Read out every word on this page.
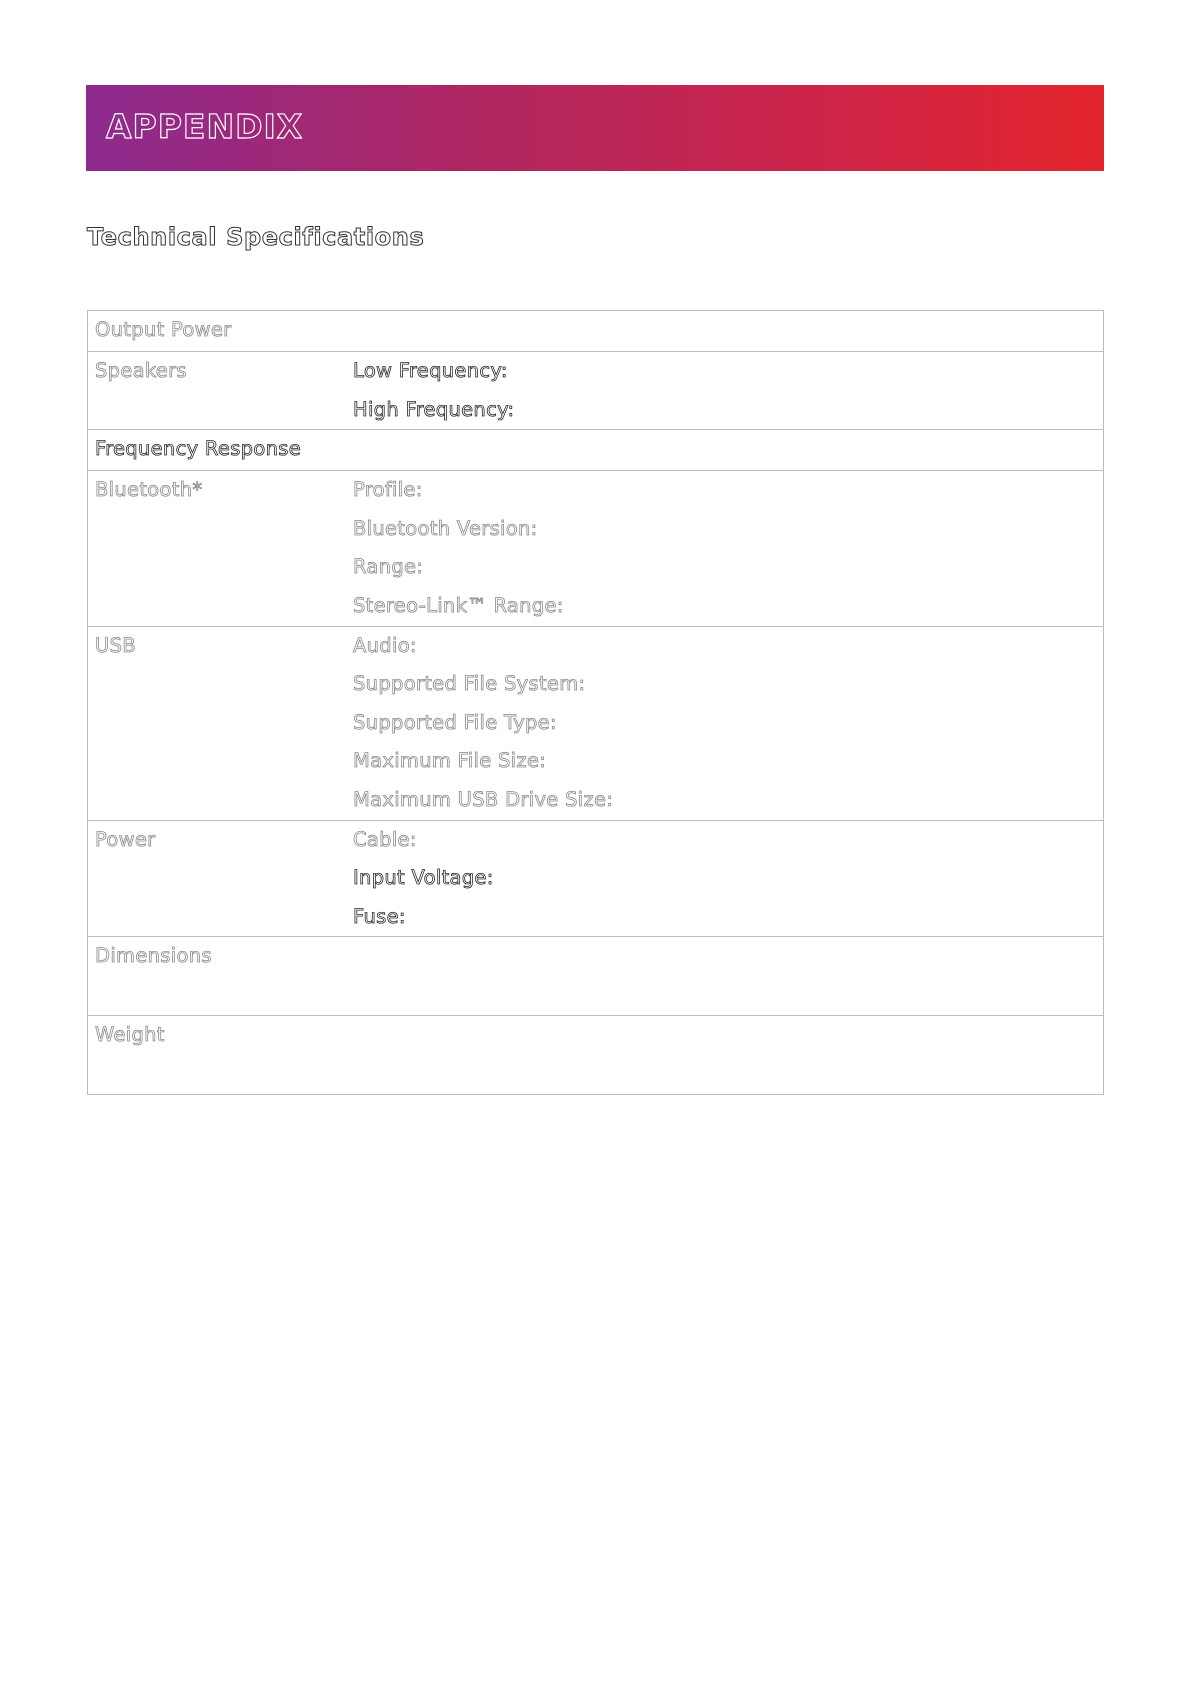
APPENDIX
Technical Specifications
Output Power	

Speakers	Low Frequency:
High Frequency:

Frequency Response	

Bluetooth*	Profile:
Bluetooth Version:
Range:
Stereo-Link™ Range:

USB	Audio:
Supported File System:
Supported File Type:
Maximum File Size:
Maximum USB Drive Size:

Power	Cable:
Input Voltage:
Fuse:

Dimensions	

Weight	
